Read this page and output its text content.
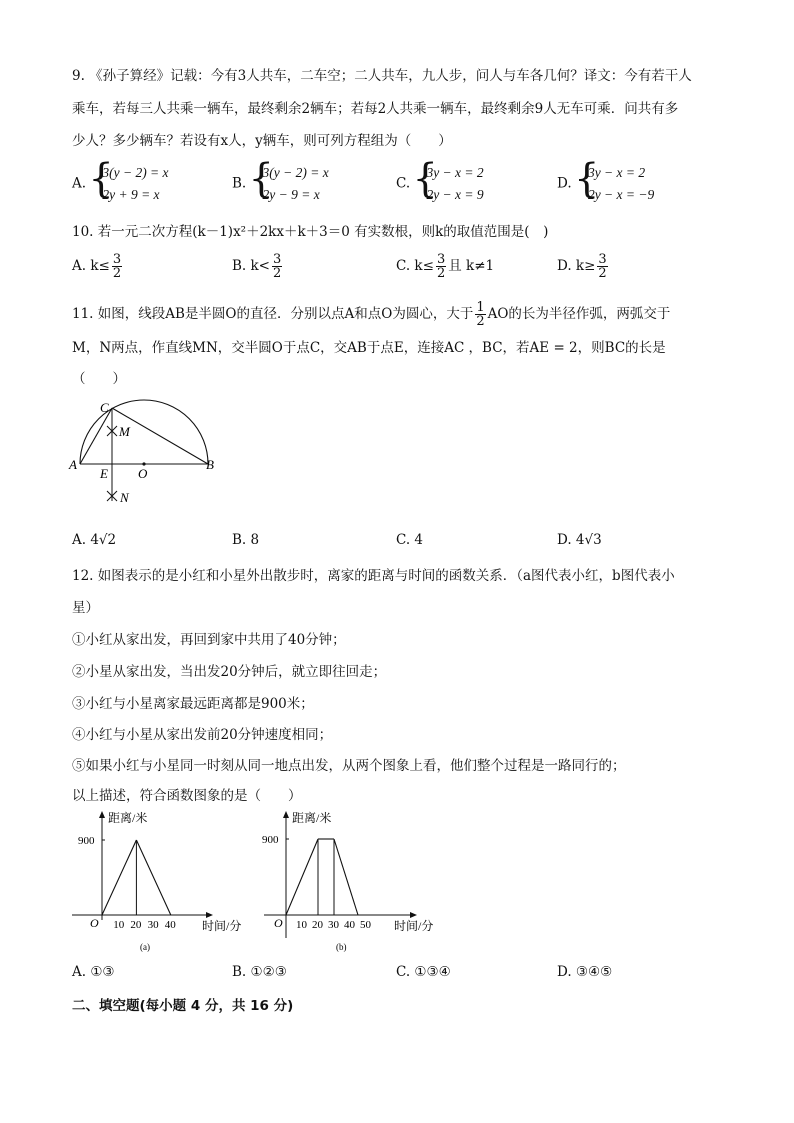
9. 《孙子算经》记载：今有3人共车，二车空；二人共车，九人步，问人与车各几何？译文：今有若干人
乘车，若每三人共乘一辆车，最终剩余2辆车；若每2人共乘一辆车，最终剩余9人无车可乘．问共有多
少人？多少辆车？若设有x人，y辆车，则可列方程组为（　　）
A.
{ 3(y − 2) = x
2y + 9 = x
B.
{ 3(y − 2) = x
2y − 9 = x
C.
{ 3y − x = 2
2y − x = 9
D.
{ 3y − x = 2
2y − x = −9
10. 若一元二次方程(k－1)x²＋2kx＋k＋3＝0 有实数根，则k的取值范围是(　)
A. $k\le \frac{3}{2}$	B. $k< \frac{3}{2}$	C. $k\le \frac{3}{2}$ 且 k≠1	D. $k\ge \frac{3}{2}$
11. 如图，线段AB是半圆O的直径．分别以点A和点O为圆心，大于 $\frac{1}{2}$ AO的长为半径作弧，两弧交于
M，N两点，作直线MN，交半圆O于点C，交AB于点E，连接AC ，BC，若AE = 2，则BC的长是
（　　）
C
M
A
E O
B
N
A. 4√2	B. 8	C. 4	D. 4√3
12. 如图表示的是小红和小星外出散步时，离家的距离与时间的函数关系．（a图代表小红，b图代表小
星）
①小红从家出发，再回到家中共用了40分钟；
②小星从家出发，当出发20分钟后，就立即往回走；
③小红与小星离家最远距离都是900米；
④小红与小星从家出发前20分钟速度相同；
⑤如果小红与小星同一时刻从同一地点出发，从两个图象上看，他们整个过程是一路同行的；
以上描述，符合函数图象的是（　　）
10 20 30 40
900
距离/米
时间/分
O
(a)
10 20 30 40 50
900
距离/米
时间/分
O
(b)
A. ①③	B. ①②③	C. ①③④	D. ③④⑤
二、填空题(每小题 4 分，共 16 分)
